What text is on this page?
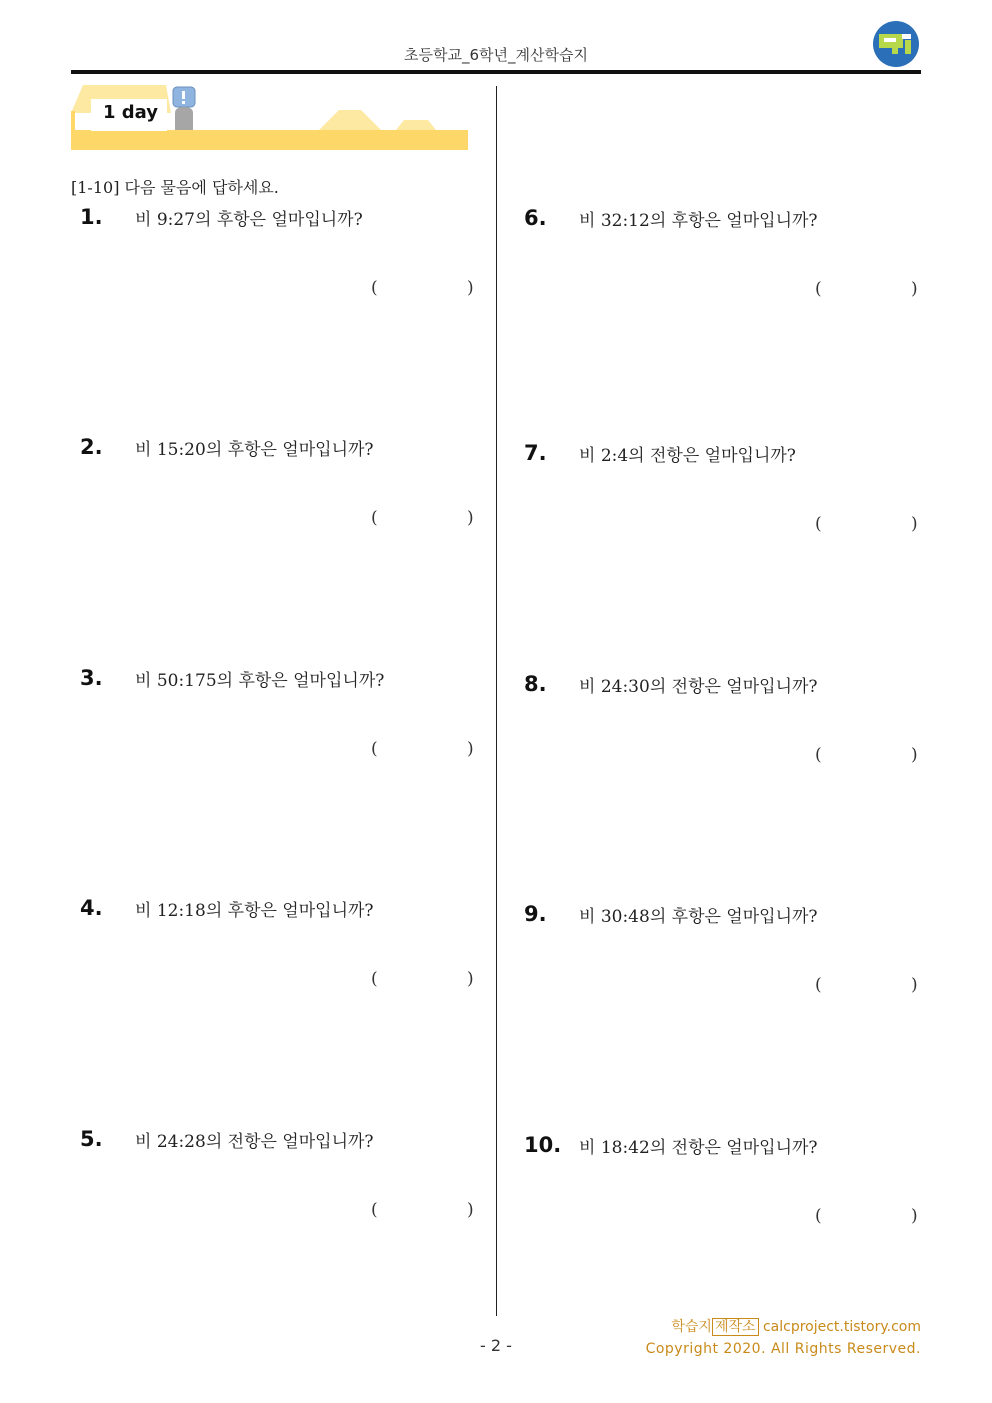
초등학교_6학년_계산학습지
1 day
[1-10] 다음 물음에 답하세요.
1. 비 9:27의 후항은 얼마입니까?
(	)
2. 비 15:20의 후항은 얼마입니까?
(	)
3. 비 50:175의 후항은 얼마입니까?
(	)
4. 비 12:18의 후항은 얼마입니까?
(	)
5. 비 24:28의 전항은 얼마입니까?
(	)
6. 비 32:12의 후항은 얼마입니까?
(	)
7. 비 2:4의 전항은 얼마입니까?
(	)
8. 비 24:30의 전항은 얼마입니까?
(	)
9. 비 30:48의 후항은 얼마입니까?
(	)
10. 비 18:42의 전항은 얼마입니까?
(	)
학습지 제작소 calcproject.tistory.com
Copyright 2020. All Rights Reserved.
- 2 -
